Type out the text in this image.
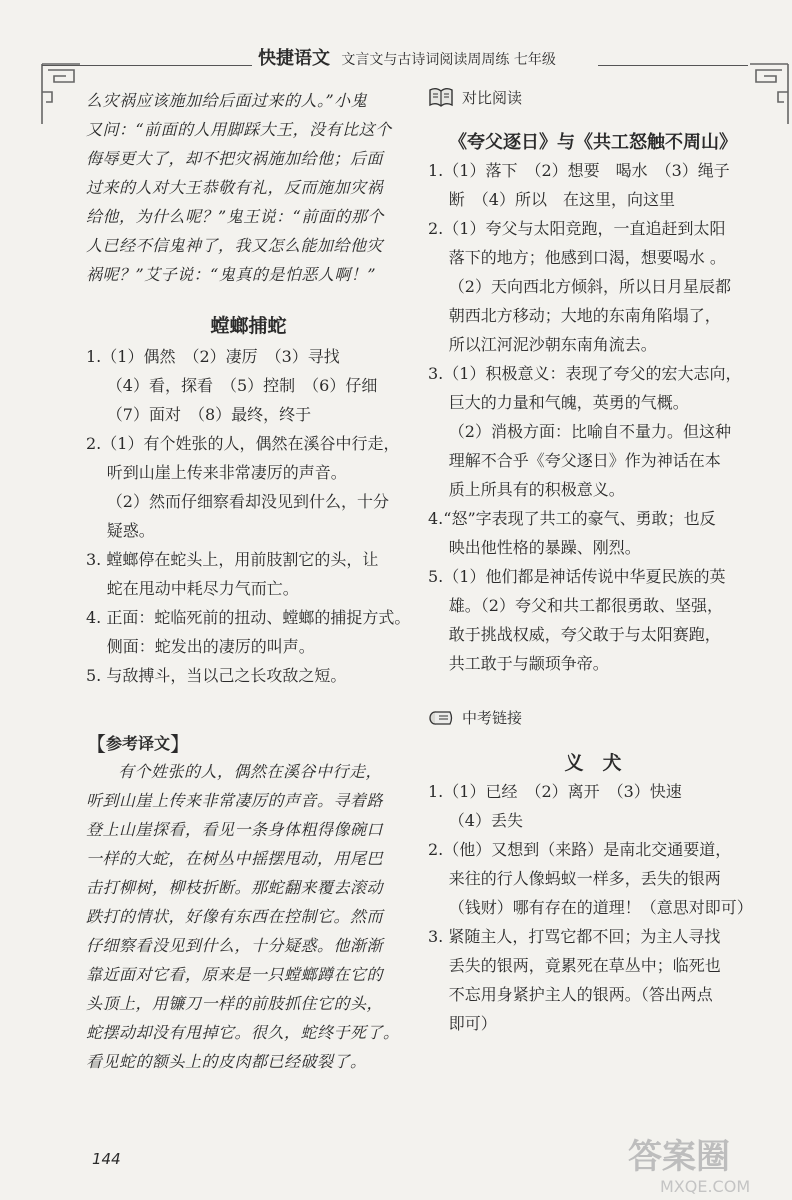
快捷语文 文言文与古诗词阅读周周练 七年级

么灾祸应该施加给后面过来的人。”小鬼

又问：“前面的人用脚踩大王，没有比这个

侮辱更大了，却不把灾祸施加给他；后面

过来的人对大王恭敬有礼，反而施加灾祸

给他，为什么呢？”鬼王说：“前面的那个

人已经不信鬼神了，我又怎么能加给他灾

祸呢？”艾子说：“鬼真的是怕恶人啊！”

螳螂捕蛇

1.（1）偶然　（2）凄厉　（3）寻找

（4）看，探看　（5）控制　（6）仔细

（7）面对　（8）最终，终于

2.（1）有个姓张的人，偶然在溪谷中行走，

听到山崖上传来非常凄厉的声音。

（2）然而仔细察看却没见到什么，十分

疑惑。

3. 螳螂停在蛇头上，用前肢割它的头，让

蛇在甩动中耗尽力气而亡。

4. 正面：蛇临死前的扭动、螳螂的捕捉方式。

侧面：蛇发出的凄厉的叫声。

5. 与敌搏斗，当以己之长攻敌之短。

【 参考译文 】

有个姓张的人，偶然在溪谷中行走，

听到山崖上传来非常凄厉的声音。寻着路

登上山崖探看，看见一条身体粗得像碗口

一样的大蛇，在树丛中摇摆甩动，用尾巴

击打柳树，柳枝折断。那蛇翻来覆去滚动

跌打的情状，好像有东西在控制它。然而

仔细察看没见到什么，十分疑惑。他渐渐

靠近面对它看，原来是一只螳螂蹲在它的

头顶上，用镰刀一样的前肢抓住它的头，

蛇摆动却没有甩掉它。很久，蛇终于死了。

看见蛇的额头上的皮肉都已经破裂了。

对比阅读

《夸父逐日》与《共工怒触不周山》

1.（1）落下　（2）想要　喝水　（3）绳子

断　（4）所以　在这里，向这里

2.（1）夸父与太阳竞跑，一直追赶到太阳

落下的地方；他感到口渴，想要喝水 。

（2）天向西北方倾斜，所以日月星辰都

朝西北方移动；大地的东南角陷塌了，

所以江河泥沙朝东南角流去。

3.（1）积极意义：表现了夸父的宏大志向，

巨大的力量和气魄，英勇的气概。

（2）消极方面：比喻自不量力。但这种

理解不合乎《夸父逐日》作为神话在本

质上所具有的积极意义。

4.“怒”字表现了共工的豪气、勇敢；也反

映出他性格的暴躁、刚烈。

5.（1）他们都是神话传说中华夏民族的英

雄。（2）夸父和共工都很勇敢、坚强，

敢于挑战权威，夸父敢于与太阳赛跑，

共工敢于与颛顼争帝。

中考链接

义　犬

1.（1）已经　（2）离开　（3）快速

（4）丢失

2.（他）又想到（来路）是南北交通要道，

来往的行人像蚂蚁一样多，丢失的银两

（钱财）哪有存在的道理！（意思对即可）

3. 紧随主人，打骂它都不回；为主人寻找

丢失的银两，竟累死在草丛中；临死也

不忘用身紧护主人的银两。（答出两点

即可）

144	答案圈
MXQE.COM
